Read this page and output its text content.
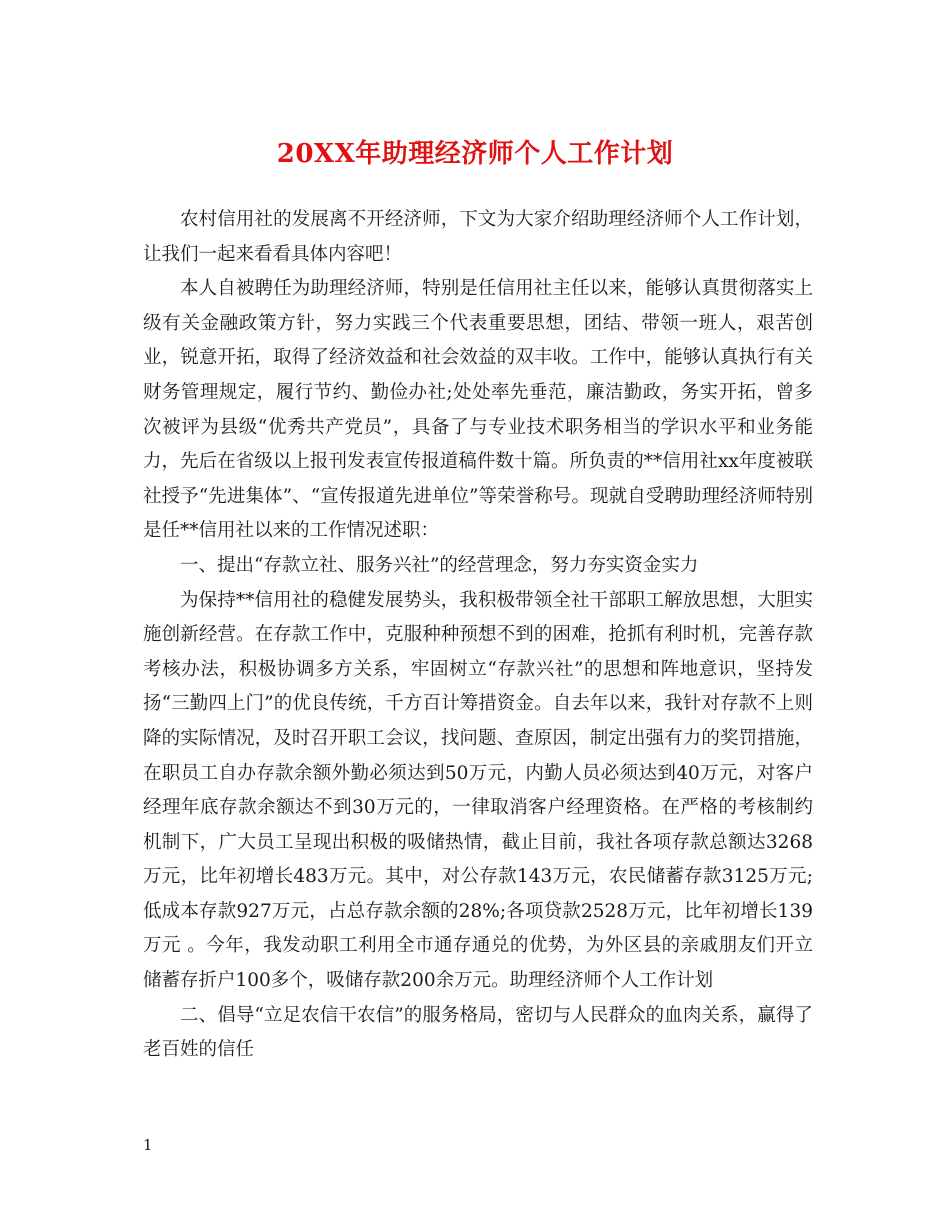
20XX年助理经济师个人工作计划

农村信用社的发展离不开经济师，下文为大家介绍助理经济师个人工作计划，让我们一起来看看具体内容吧！

本人自被聘任为助理经济师，特别是任信用社主任以来，能够认真贯彻落实上级有关金融政策方针，努力实践三个代表重要思想，团结、带领一班人，艰苦创业，锐意开拓，取得了经济效益和社会效益的双丰收。工作中，能够认真执行有关财务管理规定，履行节约、勤俭办社;处处率先垂范，廉洁勤政，务实开拓，曾多次被评为县级“优秀共产党员”，具备了与专业技术职务相当的学识水平和业务能力，先后在省级以上报刊发表宣传报道稿件数十篇。所负责的**信用社xx年度被联社授予“先进集体”、“宣传报道先进单位”等荣誉称号。现就自受聘助理经济师特别是任**信用社以来的工作情况述职：

一、提出“存款立社、服务兴社”的经营理念，努力夯实资金实力

为保持**信用社的稳健发展势头，我积极带领全社干部职工解放思想，大胆实施创新经营。在存款工作中，克服种种预想不到的困难，抢抓有利时机，完善存款考核办法，积极协调多方关系，牢固树立“存款兴社”的思想和阵地意识，坚持发扬“三勤四上门”的优良传统，千方百计筹措资金。自去年以来，我针对存款不上则降的实际情况，及时召开职工会议，找问题、查原因，制定出强有力的奖罚措施，在职员工自办存款余额外勤必须达到50万元，内勤人员必须达到40万元，对客户经理年底存款余额达不到30万元的，一律取消客户经理资格。在严格的考核制约机制下，广大员工呈现出积极的吸储热情，截止目前，我社各项存款总额达3268万元，比年初增长483万元。其中，对公存款143万元，农民储蓄存款3125万元;低成本存款927万元，占总存款余额的28%;各项贷款2528万元，比年初增长139万元 。今年，我发动职工利用全市通存通兑的优势，为外区县的亲戚朋友们开立储蓄存折户100多个，吸储存款200余万元。助理经济师个人工作计划

二、倡导“立足农信干农信”的服务格局，密切与人民群众的血肉关系，赢得了老百姓的信任

1
